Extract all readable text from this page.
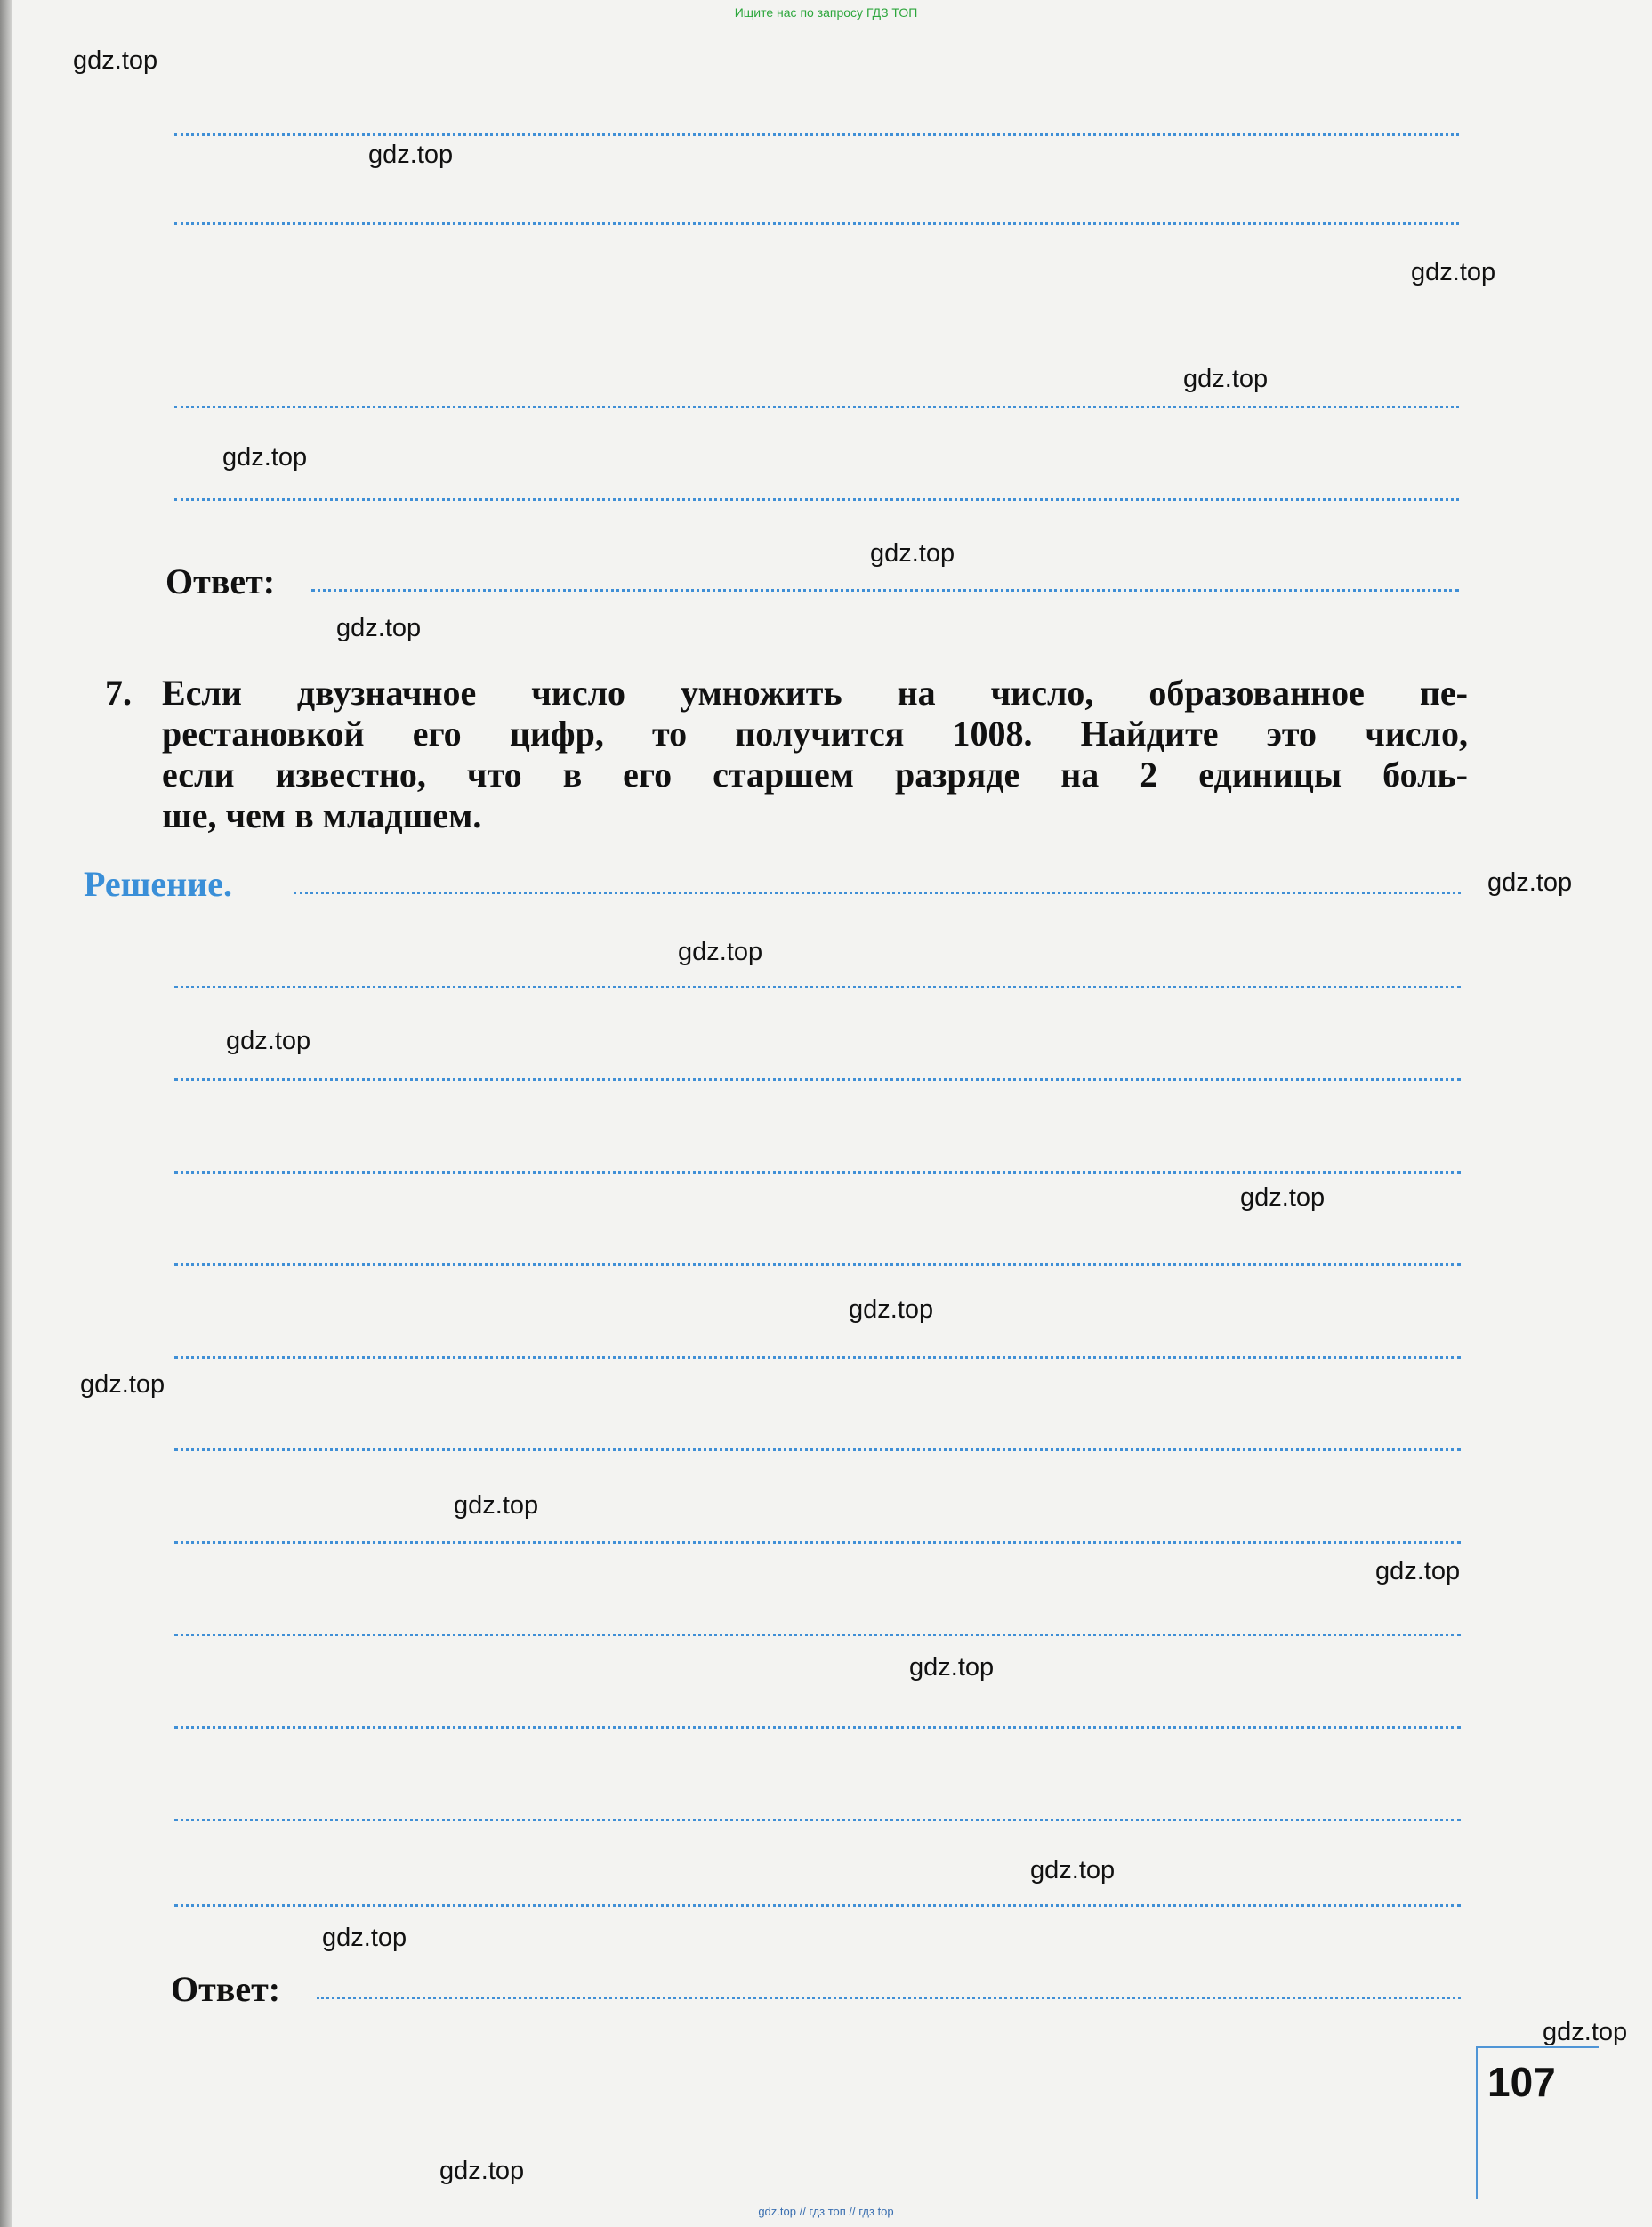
Ищите нас по запросу ГДЗ ТОП
Ответ:
7. Если двузначное число умножить на число, образованное пе-
рестановкой его цифр, то получится 1008. Найдите это число,
если известно, что в его старшем разряде на 2 единицы боль-
ше, чем в младшем.
Решение.
Ответ:
107
gdz.top
gdz.top
gdz.top
gdz.top
gdz.top
gdz.top
gdz.top
gdz.top
gdz.top
gdz.top
gdz.top
gdz.top
gdz.top
gdz.top
gdz.top
gdz.top
gdz.top
gdz.top
gdz.top
gdz.top
gdz.top // гдз топ // гдз top
